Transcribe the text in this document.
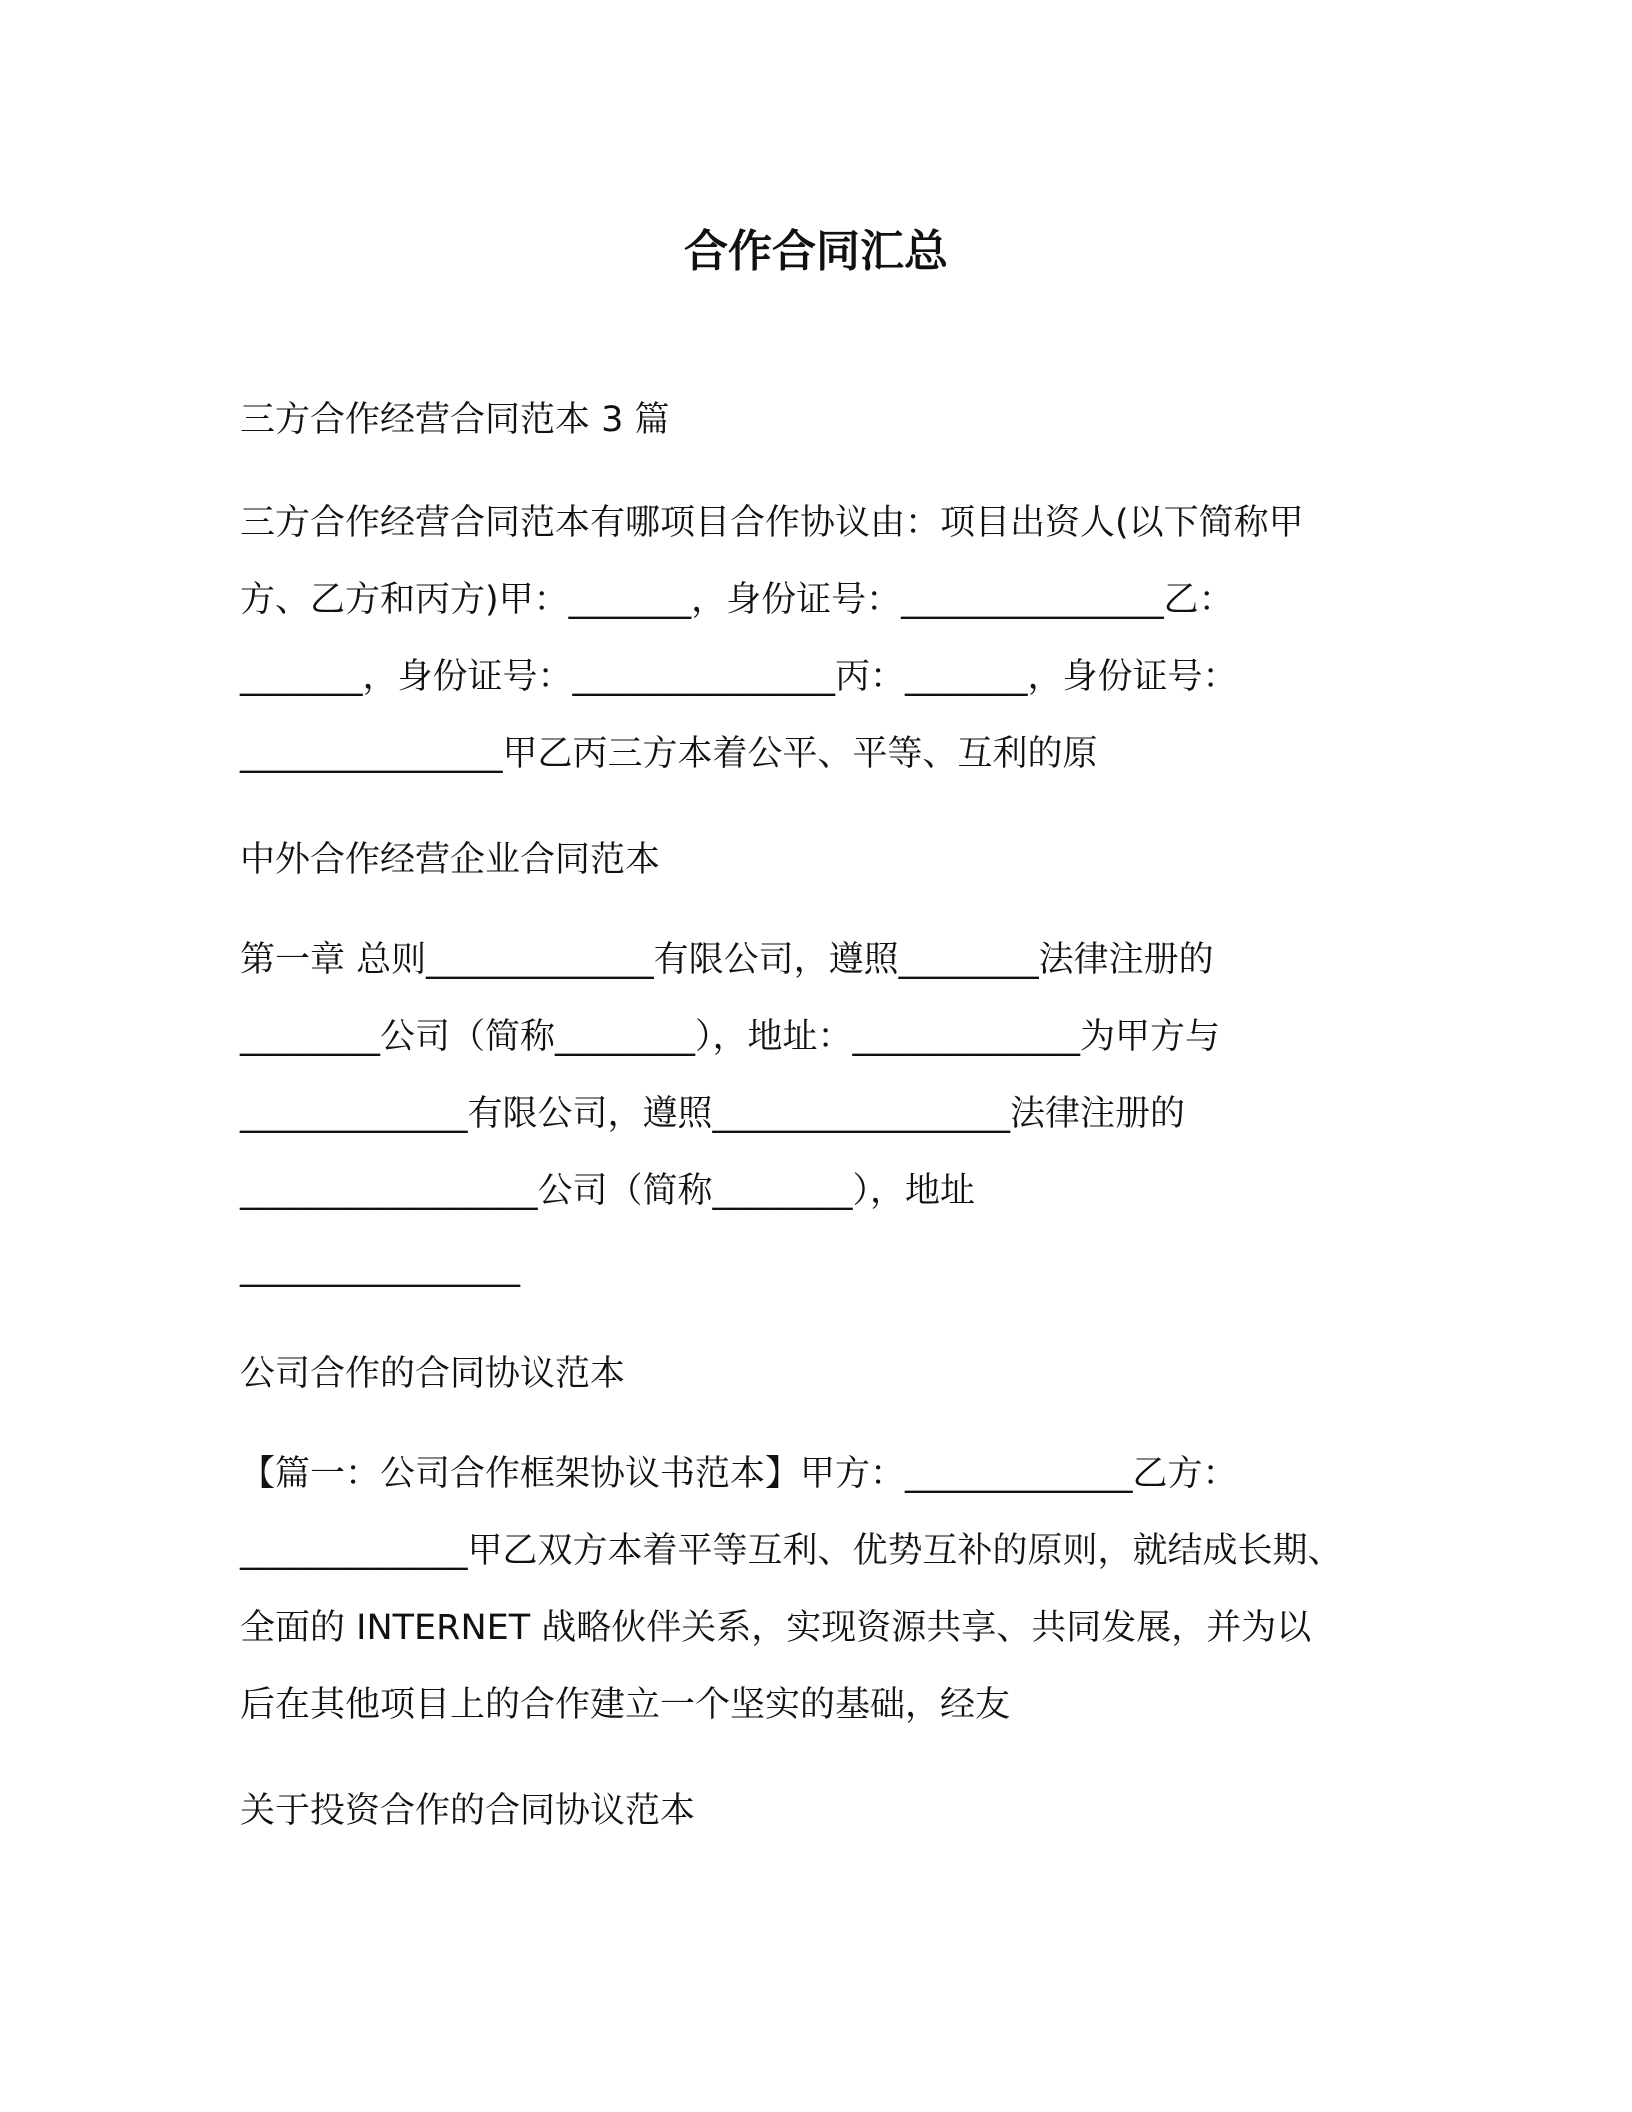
合作合同汇总
三方合作经营合同范本 3 篇
三方合作经营合同范本有哪项目合作协议由：项目出资人(以下简称甲
方、乙方和丙方)甲：_______，身份证号：_______________乙：
_______，身份证号：_______________丙：_______，身份证号：
_______________甲乙丙三方本着公平、平等、互利的原
中外合作经营企业合同范本
第一章 总则_____________有限公司，遵照________法律注册的
________公司（简称________），地址：_____________为甲方与
_____________有限公司，遵照_________________法律注册的
_________________公司（简称________），地址
________________
公司合作的合同协议范本
【篇一：公司合作框架协议书范本】甲方：_____________乙方：
_____________甲乙双方本着平等互利、优势互补的原则，就结成长期、
全面的 INTERNET 战略伙伴关系，实现资源共享、共同发展，并为以
后在其他项目上的合作建立一个坚实的基础，经友
关于投资合作的合同协议范本
